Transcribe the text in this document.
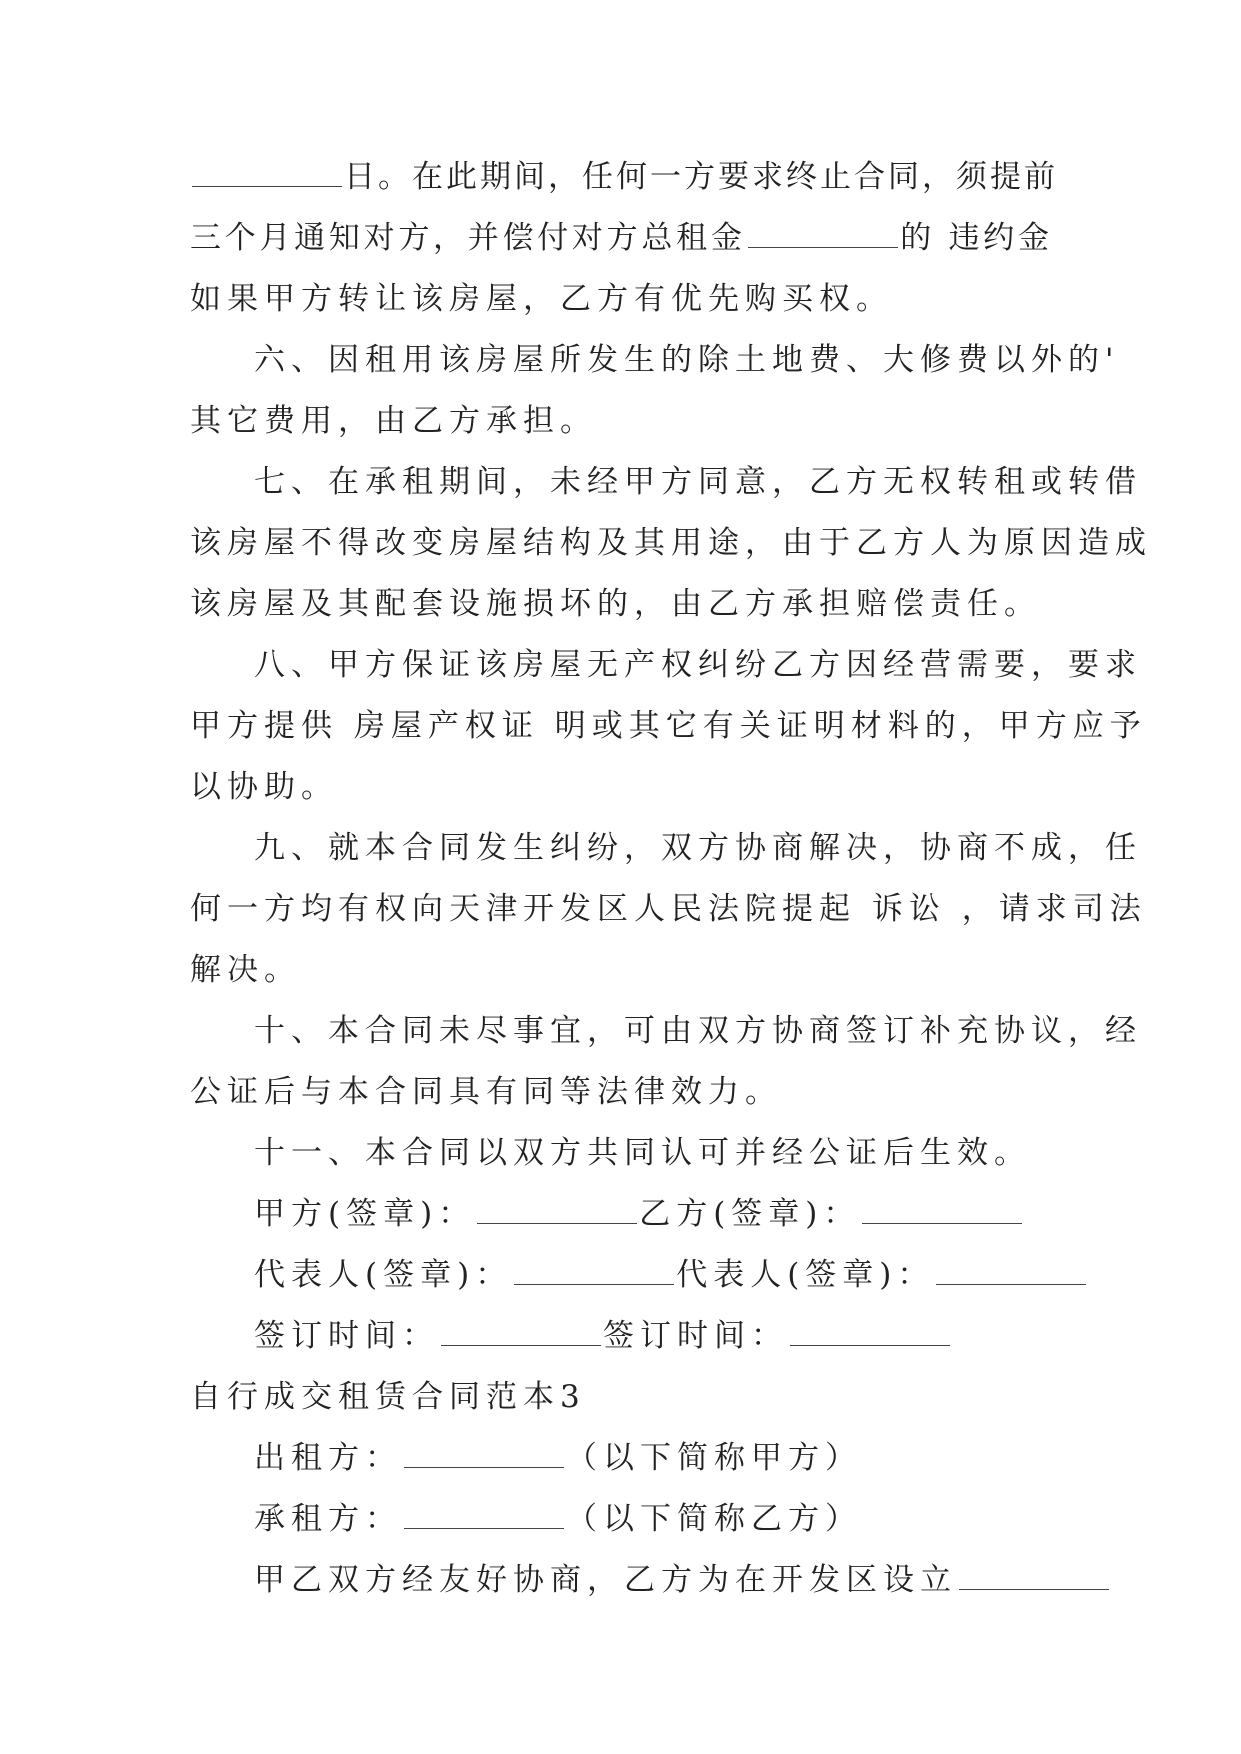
日。在此期间，任何一方要求终止合同，须提前
三个月通知对方，并偿付对方总租金	的 违约金
如果甲方转让该房屋，乙方有优先购买权。
六、因租用该房屋所发生的除土地费、大修费以外的'
其它费用，由乙方承担。
七、在承租期间，未经甲方同意，乙方无权转租或转借
该房屋不得改变房屋结构及其用途，由于乙方人为原因造成
该房屋及其配套设施损坏的，由乙方承担赔偿责任。
八、甲方保证该房屋无产权纠纷乙方因经营需要，要求
甲方提供 房屋产权证 明或其它有关证明材料的，甲方应予
以协助。
九、就本合同发生纠纷，双方协商解决，协商不成，任
何一方均有权向天津开发区人民法院提起 诉讼 ，请求司法
解决。
十、本合同未尽事宜，可由双方协商签订补充协议，经
公证后与本合同具有同等法律效力。
十一、本合同以双方共同认可并经公证后生效。
甲方(签章)：	乙方(签章)：
代表人(签章)：	代表人(签章)：
签订时间：	签订时间：
自行成交租赁合同范本3
出租方：	（以下简称甲方）
承租方：	（以下简称乙方）
甲乙双方经友好协商，乙方为在开发区设立
